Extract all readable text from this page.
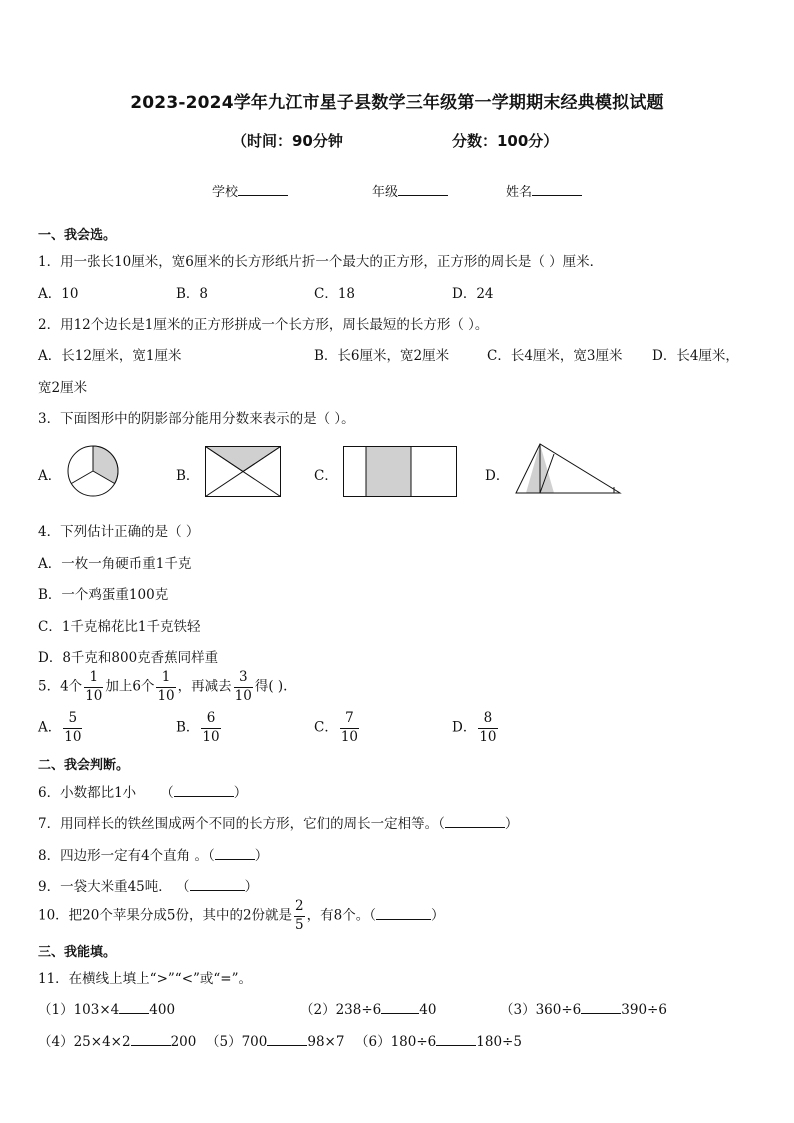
2023-2024学年九江市星子县数学三年级第一学期期末经典模拟试题
（时间：90分钟	分数：100分）
学校	年级	姓名
一、我会选。
1．用一张长10厘米，宽6厘米的长方形纸片折一个最大的正方形，正方形的周长是（ ）厘米．
A．10	B．8	C．18	D．24
2．用12个边长是1厘米的正方形拼成一个长方形，周长最短的长方形（ ）。
A．长12厘米，宽1厘米	B．长6厘米，宽2厘米	C．长4厘米，宽3厘米 D．长4厘米，
宽2厘米
3．下面图形中的阴影部分能用分数来表示的是（ ）。
A．	B．	C．	D．
4．下列估计正确的是（ ）
A．一枚一角硬币重1千克
B．一个鸡蛋重100克
C．1千克棉花比1千克铁轻
D．8千克和800克香蕉同样重
5．4个 $\frac{1}{10}$ 加上6个 $\frac{1}{10}$ ，再减去 $\frac{3}{10}$ 得( ).
A． $\frac{5}{10}$	B． $\frac{6}{10}$	C． $\frac{7}{10}$	D． $\frac{8}{10}$
二、我会判断。
6．小数都比1小 （	）
7．用同样长的铁丝围成两个不同的长方形，它们的周长一定相等。（	）
8．四边形一定有4个直角 。（	）
9．一袋大米重45吨． （	）
10．把20个苹果分成5份，其中的2份就是 $\frac{2}{5}$ ，有8个。（	）
三、我能填。
11．在横线上填上“>”“<”或“=”。
（1）103×4 400	（2）238÷6	40	（3）360÷6	390÷6
（4）25×4×2	200 （5）700	98×7 （6）180÷6	180÷5
